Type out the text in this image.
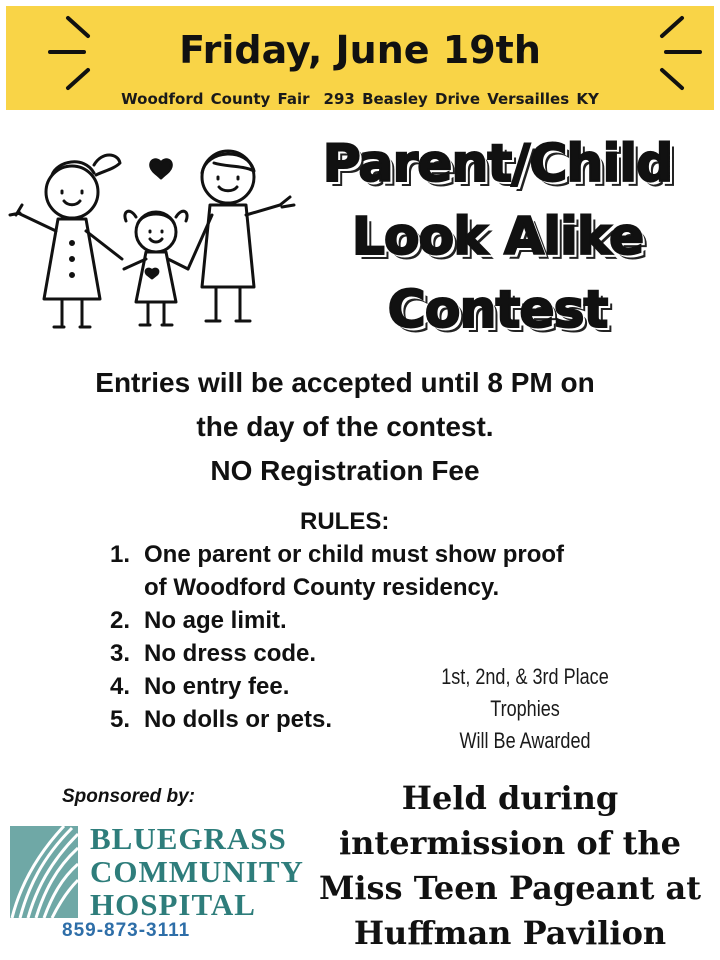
Friday, June 19th
Woodford County Fair 293 Beasley Drive Versailles KY
Parent/Child
Look Alike
Contest
Entries will be accepted until 8 PM on
the day of the contest.
NO Registration Fee
RULES:
1. One parent or child must show proof of Woodford County residency.
2. No age limit.
3. No dress code.
4. No entry fee.
5. No dolls or pets.
1st, 2nd, & 3rd Place Trophies
Will Be Awarded
Sponsored by:
BLUEGRASS
COMMUNITY
HOSPITAL
859-873-3111
Held during
intermission of the
Miss Teen Pageant at
Huffman Pavilion
